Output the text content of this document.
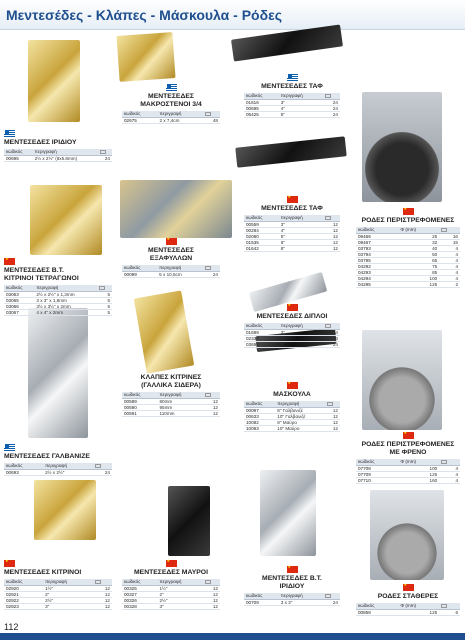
Μεντεσέδες - Κλάπες - Μάσκουλα - Ρόδες
ΜΕΝΤΕΣΕΔΕΣ ΙΡΙΔΙΟΥ
κωδικός	περιγραφή	
00695	2½ x 2½" (6x5.8mm)	24
ΜΕΝΤΕΣΕΔΕΣ
ΜΑΚΡΟΣΤΕΝΟΙ 3/4
κωδικός	περιγραφή	
02675	2 x 7,4cm	48
ΜΕΝΤΕΣΕΔΕΣ ΤΑΦ
κωδικός	περιγραφή	
01616	3"	24
00695	4"	24
05425	5"	24
★
ΜΕΝΤΕΣΕΔΕΣ Β.Τ.
ΚΙΤΡΙΝΟΙ ΤΕΤΡΑΓΩΝΟΙ
κωδικός	περιγραφή	
03063	2½ x 2½" x 1,3mm	5
03065	3 x 3" x 1,8mm	5
03066	3½ x 3½" x 2mm	5
03067	4 x 4" x 2mm	5
★
ΜΕΝΤΕΣΕΔΕΣ
ΕΞΑΦΥΛΛΩΝ
κωδικός	περιγραφή	
00099	5 x 10,5cm	24
★
ΜΕΝΤΕΣΕΔΕΣ ΤΑΦ
κωδικός	περιγραφή	
00559	3"	12
00284	4"	12
02080	5"	12
01535	6"	12
01642	8"	12
★
ΜΕΝΤΕΣΕΔΕΣ ΔΙΠΛΟΙ
κωδικός	περιγραφή	
01689	3"	24
02337	4"	24
03693	5"	24
ΜΕΝΤΕΣΕΔΕΣ ΓΑΛΒΑΝΙΖΕ
κωδικός	περιγραφή	
00693	2½ x 2½"	24
ΚΛΑΠΕΣ ΚΙΤΡΙΝΕΣ
(ΓΑΛΛΙΚΑ ΣΙΔΕΡΑ)
κωδικός	περιγραφή	
00589	80mm	12
00590	95mm	12
00591	110mm	12
★
ΜΑΣΚΟΥΛΑ
κωδικός	περιγραφή	
00097	8" Γαλβανιζέ	12
00633	10" Γαλβανιζέ	12
10082	8" Μαύρο	12
10083	10" Μαύρο	12
★
ΜΕΝΤΕΣΕΔΕΣ ΚΙΤΡΙΝΟΙ
κωδικός	περιγραφή	
02920	1½"	12
02921	2"	12
02922	2½"	12
02923	3"	12
★
ΜΕΝΤΕΣΕΔΕΣ ΜΑΥΡΟΙ
κωδικός	περιγραφή	
00325	1½"	12
00327	2"	12
00326	2½"	12
00328	3"	12
★
ΜΕΝΤΕΣΕΔΕΣ Β.Τ.
ΙΡΙΔΙΟΥ
κωδικός	περιγραφή	
00709	3 x 3"	24
★
ΡΟΔΕΣ ΠΕΡΙΣΤΡΕΦΟΜΕΝΕΣ
κωδικός	Φ (mm)	
09466	25	16
09467	32	15
03793	40	4
03794	50	4
03795	65	4
04292	75	4
04293	85	4
04294	100	4
04295	125	2
★
ΡΟΔΕΣ ΠΕΡΙΣΤΡΕΦΟΜΕΝΕΣ
ΜΕ ΦΡΕΝΟ
κωδικός	Φ (mm)	
07708	100	4
07709	125	4
07710	160	4
★
ΡΟΔΕΣ ΣΤΑΘΕΡΕΣ
κωδικός	Φ (mm)	
00858	125	6
112
